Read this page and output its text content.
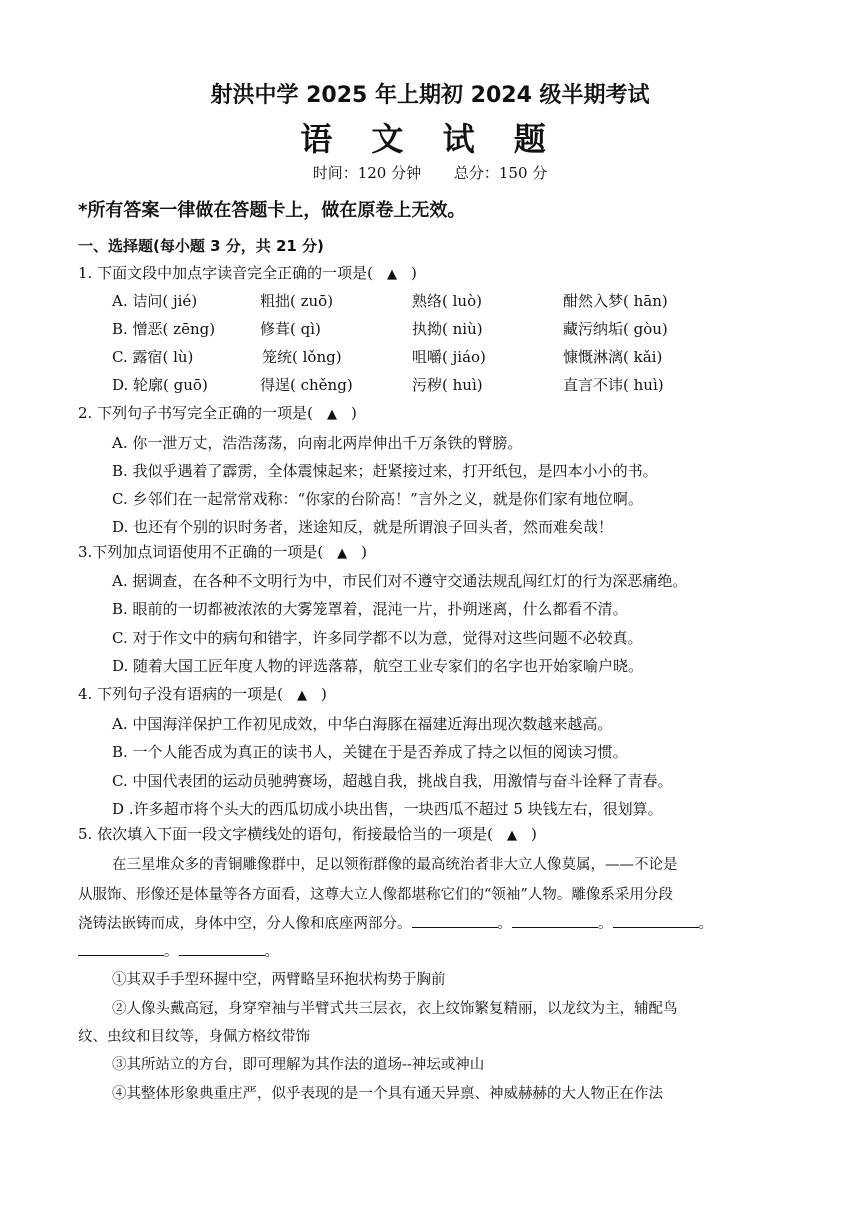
射洪中学 2025 年上期初 2024 级半期考试
语 文 试 题
时间：120 分钟 总分：150 分
*所有答案一律做在答题卡上，做在原卷上无效。
一、选择题(每小题 3 分，共 21 分)
1. 下面文段中加点字读音完全正确的一项是( ▲ )
A. 诘问( jié)	粗拙( zuō)	熟络( luò)	酣然入梦( hān)
B. 憎恶( zēng)	修葺( qì)	执拗( niù)	藏污纳垢( gòu)
C. 露宿( lù)	笼统( lǒng)	咀嚼( jiáo)	慷慨淋漓( kǎi)
D. 轮廓( guō)	得逞( chěng)	污秽( huì)	直言不讳( huì)
2. 下列句子书写完全正确的一项是( ▲ )
A. 你一泄万丈，浩浩荡荡，向南北两岸伸出千万条铁的臂膀。
B. 我似乎遇着了霹雳，全体震悚起来；赶紧接过来，打开纸包，是四本小小的书。
C. 乡邻们在一起常常戏称：“你家的台阶高！”言外之义，就是你们家有地位啊。
D. 也还有个别的识时务者，迷途知反，就是所谓浪子回头者，然而难矣哉！
3.下列加点词语使用不正确的一项是( ▲ )
A. 据调查，在各种不文明行为中，市民们对不遵守交通法规乱闯红灯的行为深恶痛绝。
B. 眼前的一切都被浓浓的大雾笼罩着，混沌一片，扑朔迷离，什么都看不清。
C. 对于作文中的病句和错字，许多同学都不以为意，觉得对这些问题不必较真。
D. 随着大国工匠年度人物的评选落幕，航空工业专家们的名字也开始家喻户晓。
4. 下列句子没有语病的一项是( ▲ )
A. 中国海洋保护工作初见成效，中华白海豚在福建近海出现次数越来越高。
B. 一个人能否成为真正的读书人，关键在于是否养成了持之以恒的阅读习惯。
C. 中国代表团的运动员驰骋赛场，超越自我，挑战自我，用激情与奋斗诠释了青春。
D .许多超市将个头大的西瓜切成小块出售，一块西瓜不超过 5 块钱左右，很划算。
5. 依次填入下面一段文字横线处的语句，衔接最恰当的一项是( ▲ )
在三星堆众多的青铜雕像群中，足以领衔群像的最高统治者非大立人像莫属，——不论是
从服饰、形像还是体量等各方面看，这尊大立人像都堪称它们的“领袖”人物。雕像系采用分段
浇铸法嵌铸而成，身体中空，分人像和底座两部分。	。	。	。
。	。
①其双手手型环握中空，两臂略呈环抱状构势于胸前
②人像头戴高冠，身穿窄袖与半臂式共三层衣，衣上纹饰繁复精丽，以龙纹为主，辅配鸟
纹、虫纹和目纹等，身佩方格纹带饰
③其所站立的方台，即可理解为其作法的道场--神坛或神山
④其整体形象典重庄严，似乎表现的是一个具有通天异禀、神威赫赫的大人物正在作法
